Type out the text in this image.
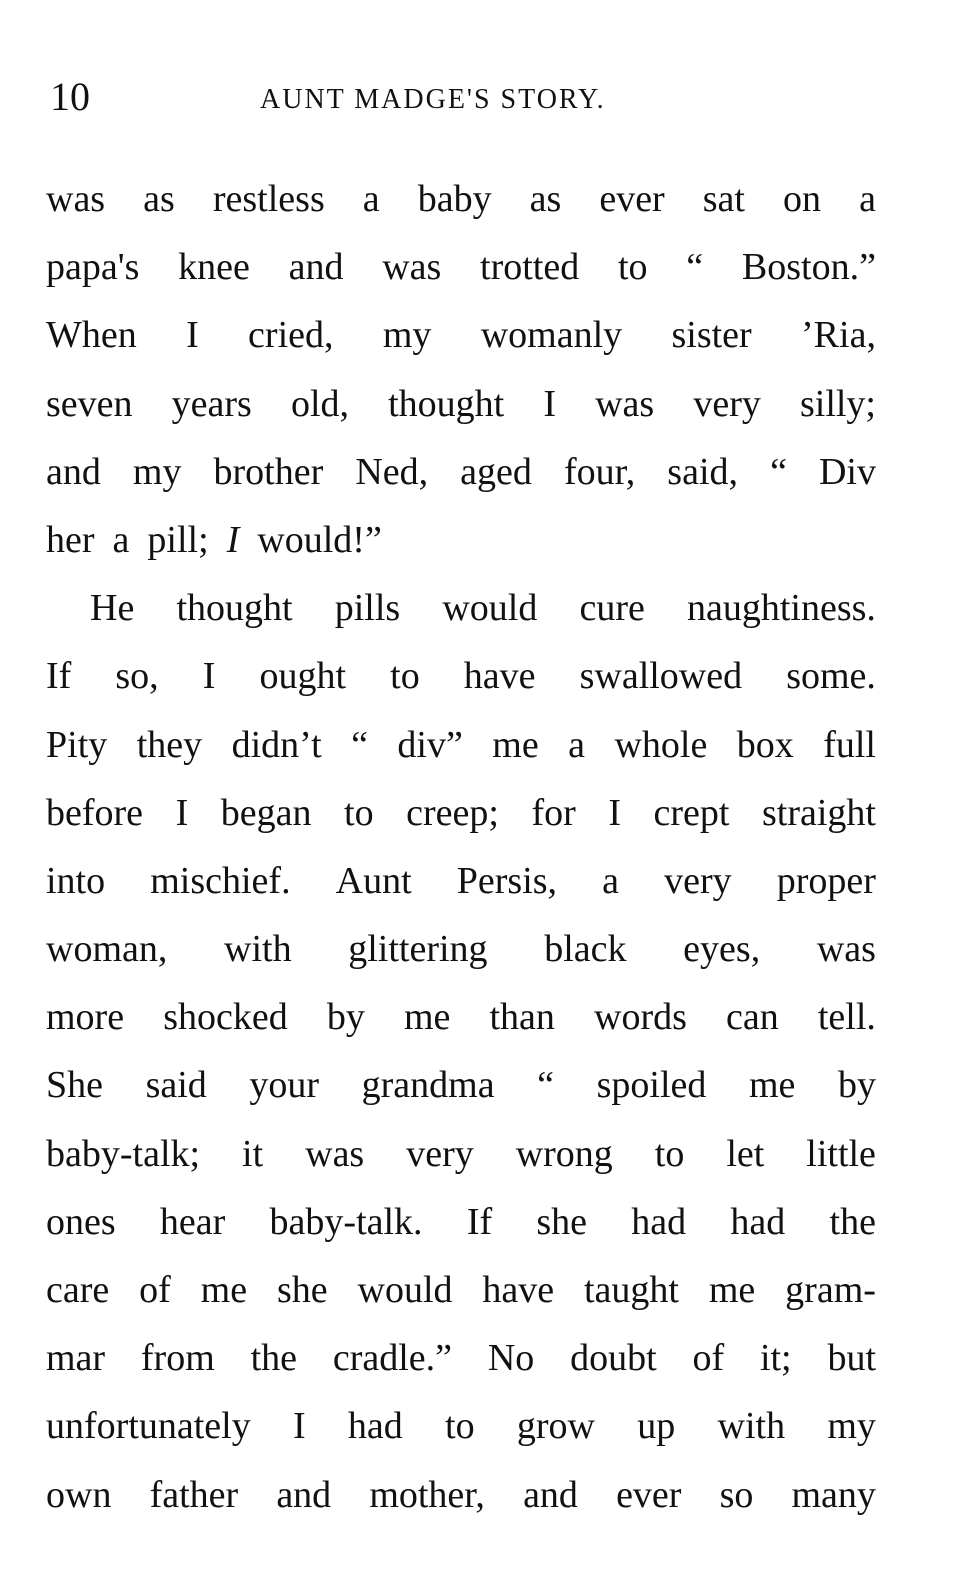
10	AUNT MADGE'S STORY.
was as restless a baby as ever sat on a
papa's knee and was trotted to “ Boston.”
When I cried, my womanly sister ’Ria,
seven years old, thought I was very silly;
and my brother Ned, aged four, said, “ Div
her a pill; I would!”
He thought pills would cure naughtiness.
If so, I ought to have swallowed some.
Pity they didn’t “ div” me a whole box full
before I began to creep; for I crept straight
into mischief. Aunt Persis, a very proper
woman, with glittering black eyes, was
more shocked by me than words can tell.
She said your grandma “ spoiled me by
baby-talk; it was very wrong to let little
ones hear baby-talk. If she had had the
care of me she would have taught me gram-
mar from the cradle.” No doubt of it; but
unfortunately I had to grow up with my
own father and mother, and ever so many
